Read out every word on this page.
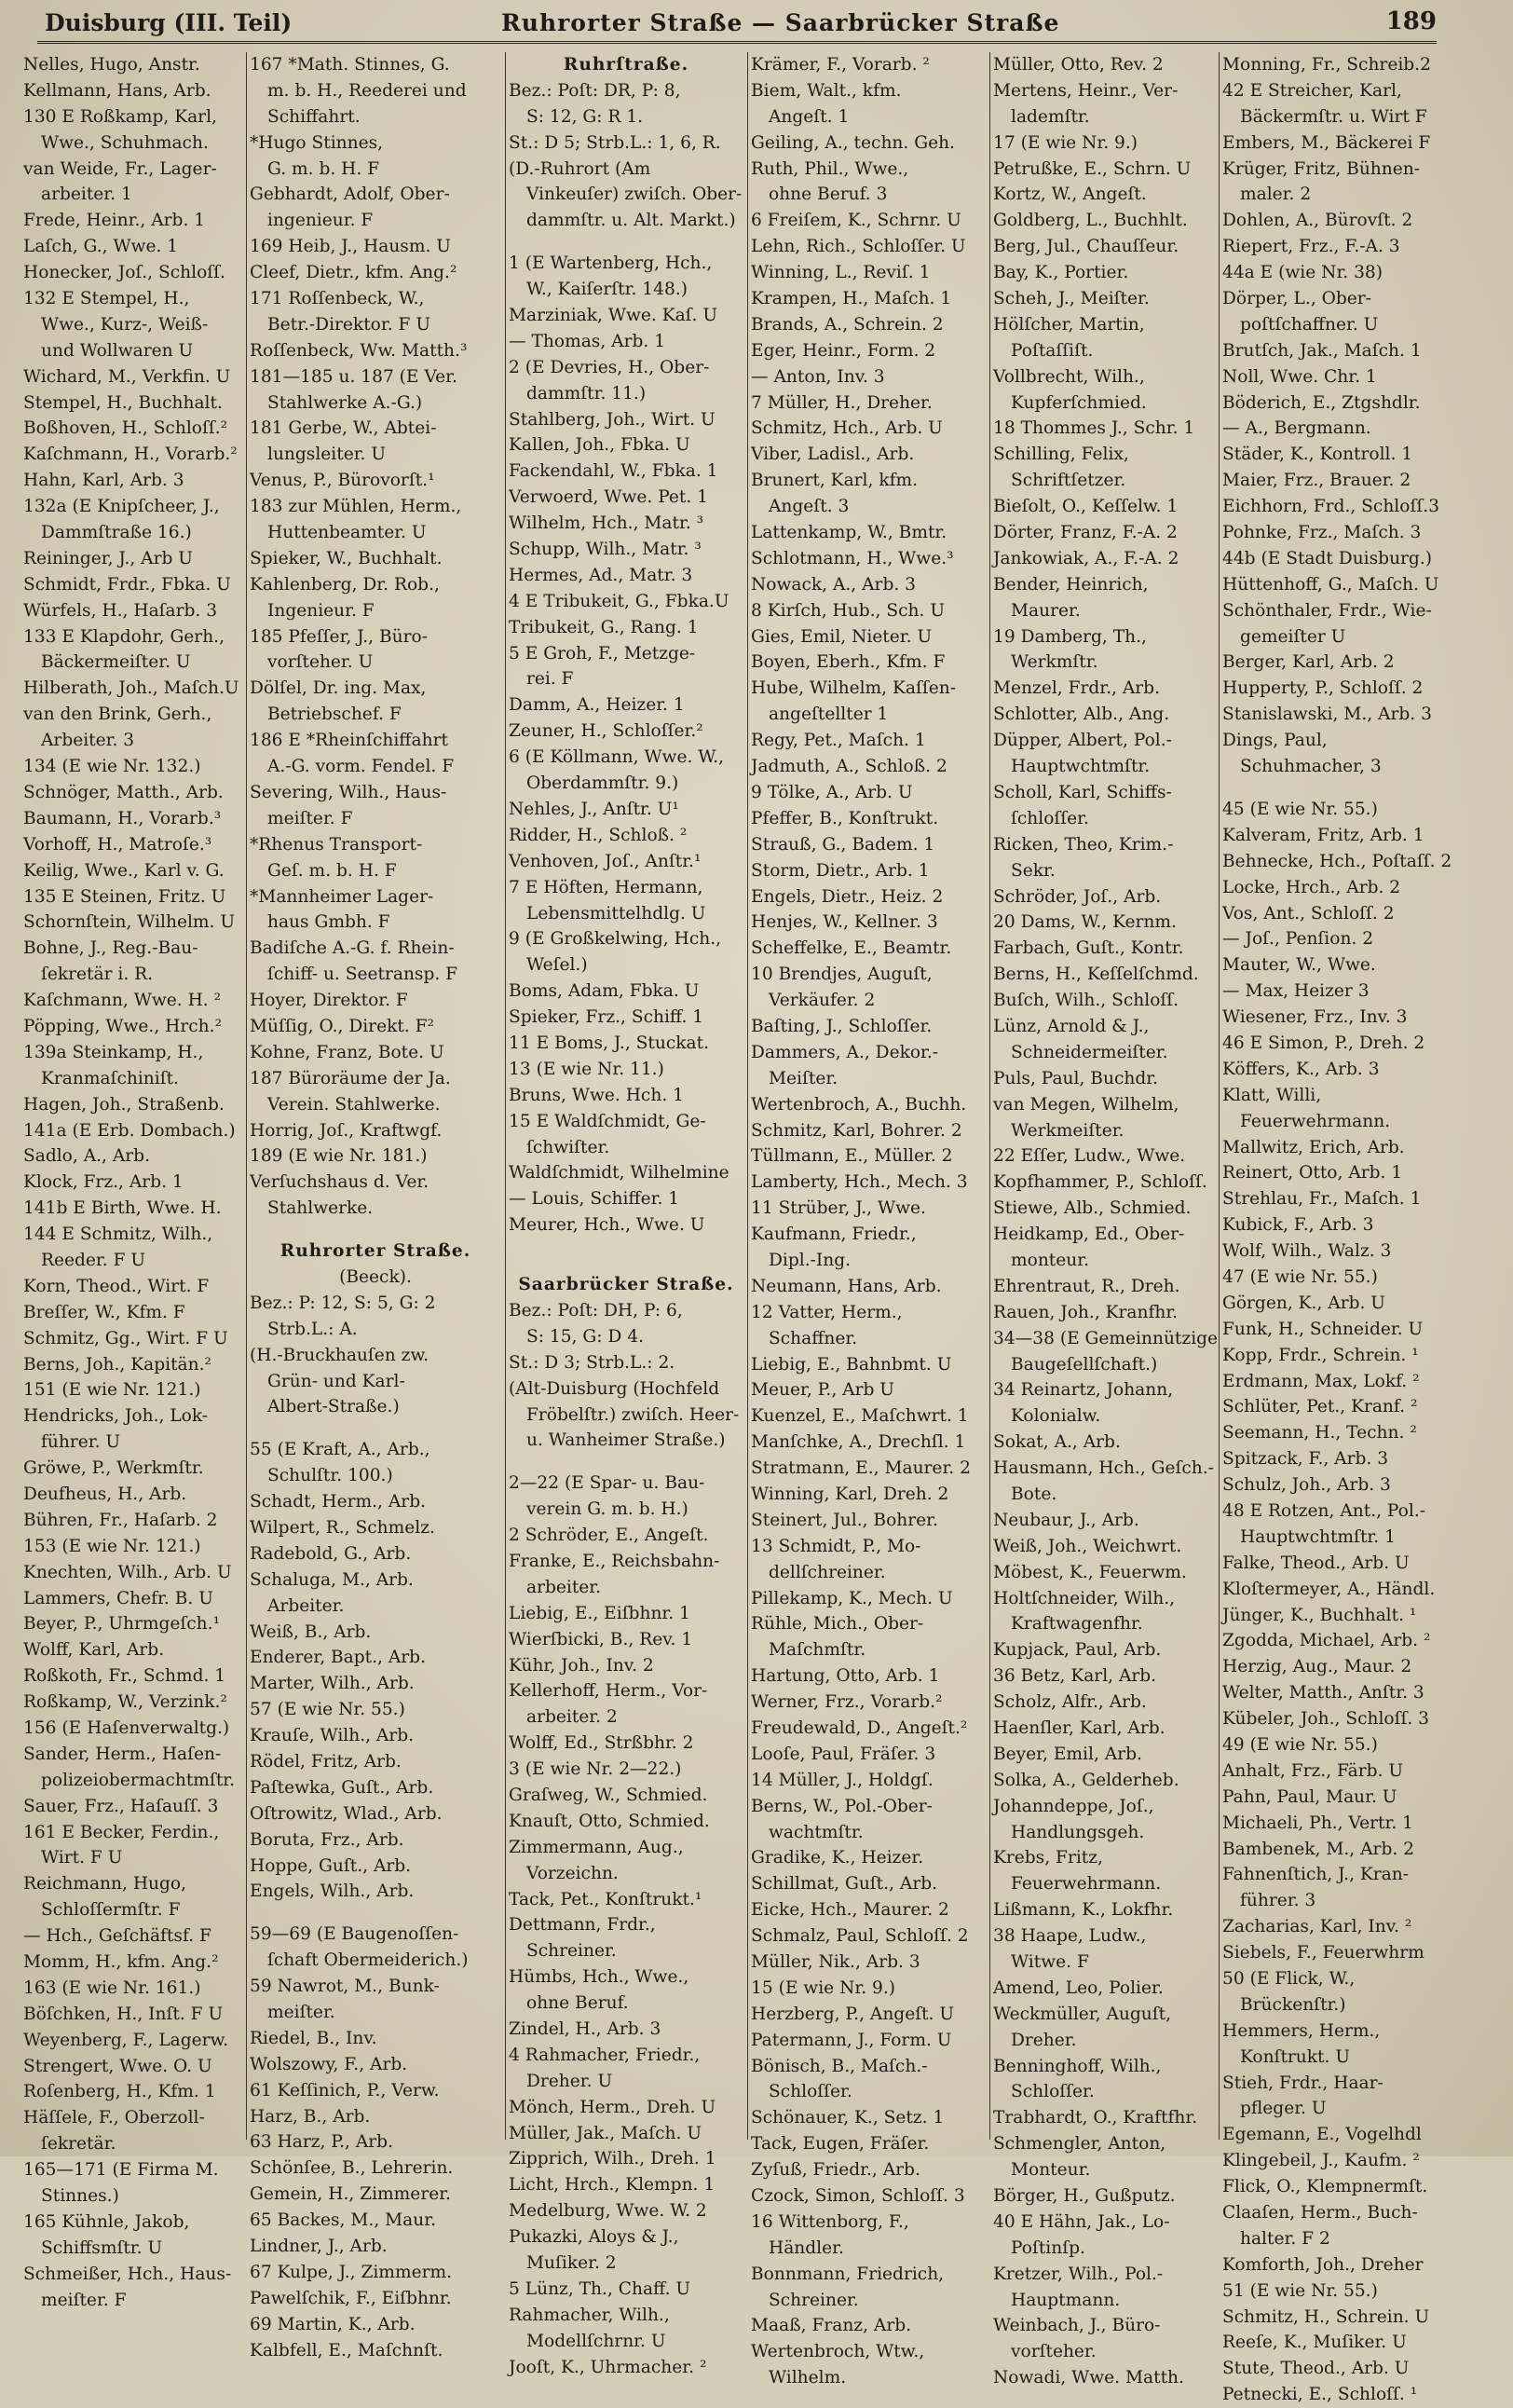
Duisburg (III. Teil)	Ruhrorter Straße — Saarbrücker Straße	189
Nelles, Hugo, Anstr.
Kellmann, Hans, Arb.
130 E Roßkamp, Karl,
Wwe., Schuhmach.
van Weide, Fr., Lager-
arbeiter. 1
Frede, Heinr., Arb. 1
Laſch, G., Wwe. 1
Honecker, Joſ., Schloſſ.
132 E Stempel, H.,
Wwe., Kurz-, Weiß-
und Wollwaren U
Wichard, M., Verkfin. U
Stempel, H., Buchhalt.
Boßhoven, H., Schloſſ.²
Kaſchmann, H., Vorarb.²
Hahn, Karl, Arb. 3
132a (E Knipſcheer, J.,
Dammſtraße 16.)
Reininger, J., Arb U
Schmidt, Frdr., Fbka. U
Würfels, H., Haſarb. 3
133 E Klapdohr, Gerh.,
Bäckermeiſter. U
Hilberath, Joh., Maſch.U
van den Brink, Gerh.,
Arbeiter. 3
134 (E wie Nr. 132.)
Schnöger, Matth., Arb.
Baumann, H., Vorarb.³
Vorhoff, H., Matroſe.³
Keilig, Wwe., Karl v. G.
135 E Steinen, Fritz. U
Schornſtein, Wilhelm. U
Bohne, J., Reg.-Bau-
ſekretär i. R.
Kaſchmann, Wwe. H. ²
Pöpping, Wwe., Hrch.²
139a Steinkamp, H.,
Kranmaſchiniſt.
Hagen, Joh., Straßenb.
141a (E Erb. Dombach.)
Sadlo, A., Arb.
Klock, Frz., Arb. 1
141b E Birth, Wwe. H.
144 E Schmitz, Wilh.,
Reeder. F U
Korn, Theod., Wirt. F
Breſſer, W., Kfm. F
Schmitz, Gg., Wirt. F U
Berns, Joh., Kapitän.²
151 (E wie Nr. 121.)
Hendricks, Joh., Lok-
führer. U
Gröwe, P., Werkmſtr.
Deufheus, H., Arb.
Bühren, Fr., Haſarb. 2
153 (E wie Nr. 121.)
Knechten, Wilh., Arb. U
Lammers, Chefr. B. U
Beyer, P., Uhrmgeſch.¹
Wolff, Karl, Arb.
Roßkoth, Fr., Schmd. 1
Roßkamp, W., Verzink.²
156 (E Haſenverwaltg.)
Sander, Herm., Haſen-
polizeiobermachtmſtr.
Sauer, Frz., Haſauſſ. 3
161 E Becker, Ferdin.,
Wirt. F U
Reichmann, Hugo,
Schloſſermſtr. F
— Hch., Geſchäftsf. F
Momm, H., kfm. Ang.²
163 (E wie Nr. 161.)
Böſchken, H., Inſt. F U
Weyenberg, F., Lagerw.
Strengert, Wwe. O. U
Roſenberg, H., Kfm. 1
Häſſele, F., Oberzoll-
ſekretär.
165—171 (E Firma M.
Stinnes.)
165 Kühnle, Jakob,
Schiffsmſtr. U
Schmeißer, Hch., Haus-
meiſter. F
167 *Math. Stinnes, G.
m. b. H., Reederei und
Schiffahrt.
*Hugo Stinnes,
G. m. b. H. F
Gebhardt, Adolf, Ober-
ingenieur. F
169 Heib, J., Hausm. U
Cleef, Dietr., kfm. Ang.²
171 Roſſenbeck, W.,
Betr.-Direktor. F U
Roſſenbeck, Ww. Matth.³
181—185 u. 187 (E Ver.
Stahlwerke A.-G.)
181 Gerbe, W., Abtei-
lungsleiter. U
Venus, P., Bürovorſt.¹
183 zur Mühlen, Herm.,
Huttenbeamter. U
Spieker, W., Buchhalt.
Kahlenberg, Dr. Rob.,
Ingenieur. F
185 Pfeſſer, J., Büro-
vorſteher. U
Dölſel, Dr. ing. Max,
Betriebschef. F
186 E *Rheinſchiffahrt
A.-G. vorm. Fendel. F
Severing, Wilh., Haus-
meiſter. F
*Rhenus Transport-
Geſ. m. b. H. F
*Mannheimer Lager-
haus Gmbh. F
Badiſche A.-G. f. Rhein-
ſchiff- u. Seetransp. F
Hoyer, Direktor. F
Müſſig, O., Direkt. F²
Kohne, Franz, Bote. U
187 Büroräume der Ja.
Verein. Stahlwerke.
Horrig, Joſ., Kraftwgf.
189 (E wie Nr. 181.)
Verſuchshaus d. Ver.
Stahlwerke.
Ruhrorter Straße.
(Beeck).
Bez.: P: 12, S: 5, G: 2
Strb.L.: A.
(H.-Bruckhauſen zw.
Grün- und Karl-
Albert-Straße.)
55 (E Kraft, A., Arb.,
Schulſtr. 100.)
Schadt, Herm., Arb.
Wilpert, R., Schmelz.
Radebold, G., Arb.
Schaluga, M., Arb.
Arbeiter.
Weiß, B., Arb.
Enderer, Bapt., Arb.
Marter, Wilh., Arb.
57 (E wie Nr. 55.)
Krauſe, Wilh., Arb.
Rödel, Fritz, Arb.
Paſtewka, Guſt., Arb.
Oſtrowitz, Wlad., Arb.
Boruta, Frz., Arb.
Hoppe, Guſt., Arb.
Engels, Wilh., Arb.
59—69 (E Baugenoſſen-
ſchaft Obermeiderich.)
59 Nawrot, M., Bunk-
meiſter.
Riedel, B., Inv.
Wolszowy, F., Arb.
61 Keſſinich, P., Verw.
Harz, B., Arb.
63 Harz, P., Arb.
Schönſee, B., Lehrerin.
Gemein, H., Zimmerer.
65 Backes, M., Maur.
Lindner, J., Arb.
67 Kulpe, J., Zimmerm.
Pawelſchik, F., Eiſbhnr.
69 Martin, K., Arb.
Kalbfell, E., Maſchnſt.
Ruhrſtraße.
Bez.: Poſt: DR, P: 8,
S: 12, G: R 1.
St.: D 5; Strb.L.: 1, 6, R.
(D.-Ruhrort (Am
Vinkeuſer) zwiſch. Ober-
dammſtr. u. Alt. Markt.)
1 (E Wartenberg, Hch.,
W., Kaiſerſtr. 148.)
Marziniak, Wwe. Kaſ. U
— Thomas, Arb. 1
2 (E Devries, H., Ober-
dammſtr. 11.)
Stahlberg, Joh., Wirt. U
Kallen, Joh., Fbka. U
Fackendahl, W., Fbka. 1
Verwoerd, Wwe. Pet. 1
Wilhelm, Hch., Matr. ³
Schupp, Wilh., Matr. ³
Hermes, Ad., Matr. 3
4 E Tribukeit, G., Fbka.U
Tribukeit, G., Rang. 1
5 E Groh, F., Metzge-
rei. F
Damm, A., Heizer. 1
Zeuner, H., Schloſſer.²
6 (E Köllmann, Wwe. W.,
Oberdammſtr. 9.)
Nehles, J., Anſtr. U¹
Ridder, H., Schloß. ²
Venhoven, Joſ., Anſtr.¹
7 E Höften, Hermann,
Lebensmittelhdlg. U
9 (E Großkelwing, Hch.,
Weſel.)
Boms, Adam, Fbka. U
Spieker, Frz., Schiff. 1
11 E Boms, J., Stuckat.
13 (E wie Nr. 11.)
Bruns, Wwe. Hch. 1
15 E Waldſchmidt, Ge-
ſchwiſter.
Waldſchmidt, Wilhelmine
— Louis, Schiffer. 1
Meurer, Hch., Wwe. U
Saarbrücker Straße.
Bez.: Poſt: DH, P: 6,
S: 15, G: D 4.
St.: D 3; Strb.L.: 2.
(Alt-Duisburg (Hochfeld
Fröbelſtr.) zwiſch. Heer-
u. Wanheimer Straße.)
2—22 (E Spar- u. Bau-
verein G. m. b. H.)
2 Schröder, E., Angeſt.
Franke, E., Reichsbahn-
arbeiter.
Liebig, E., Eiſbhnr. 1
Wierſbicki, B., Rev. 1
Kühr, Joh., Inv. 2
Kellerhoff, Herm., Vor-
arbeiter. 2
Wolff, Ed., Strßbhr. 2
3 (E wie Nr. 2—22.)
Graſweg, W., Schmied.
Knauſt, Otto, Schmied.
Zimmermann, Aug.,
Vorzeichn.
Tack, Pet., Konſtrukt.¹
Dettmann, Frdr.,
Schreiner.
Hümbs, Hch., Wwe.,
ohne Beruf.
Zindel, H., Arb. 3
4 Rahmacher, Friedr.,
Dreher. U
Mönch, Herm., Dreh. U
Müller, Jak., Maſch. U
Zipprich, Wilh., Dreh. 1
Licht, Hrch., Klempn. 1
Medelburg, Wwe. W. 2
Pukazki, Aloys & J.,
Muſiker. 2
5 Lünz, Th., Chaff. U
Rahmacher, Wilh.,
Modellſchrnr. U
Jooſt, K., Uhrmacher. ²
Krämer, F., Vorarb. ²
Biem, Walt., kfm.
Angeſt. 1
Geiling, A., techn. Geh.
Ruth, Phil., Wwe.,
ohne Beruf. 3
6 Freiſem, K., Schrnr. U
Lehn, Rich., Schloſſer. U
Winning, L., Reviſ. 1
Krampen, H., Maſch. 1
Brands, A., Schrein. 2
Eger, Heinr., Form. 2
— Anton, Inv. 3
7 Müller, H., Dreher.
Schmitz, Hch., Arb. U
Viber, Ladisl., Arb.
Brunert, Karl, kfm.
Angeſt. 3
Lattenkamp, W., Bmtr.
Schlotmann, H., Wwe.³
Nowack, A., Arb. 3
8 Kirſch, Hub., Sch. U
Gies, Emil, Nieter. U
Boyen, Eberh., Kfm. F
Hube, Wilhelm, Kaſſen-
angeſtellter 1
Regy, Pet., Maſch. 1
Jadmuth, A., Schloß. 2
9 Tölke, A., Arb. U
Pfeffer, B., Konſtrukt.
Strauß, G., Badem. 1
Storm, Dietr., Arb. 1
Engels, Dietr., Heiz. 2
Henjes, W., Kellner. 3
Scheffelke, E., Beamtr.
10 Brendjes, Auguſt,
Verkäufer. 2
Baſting, J., Schloſſer.
Dammers, A., Dekor.-
Meiſter.
Wertenbroch, A., Buchh.
Schmitz, Karl, Bohrer. 2
Tüllmann, E., Müller. 2
Lamberty, Hch., Mech. 3
11 Strüber, J., Wwe.
Kaufmann, Friedr.,
Dipl.-Ing.
Neumann, Hans, Arb.
12 Vatter, Herm.,
Schaffner.
Liebig, E., Bahnbmt. U
Meuer, P., Arb U
Kuenzel, E., Maſchwrt. 1
Manſchke, A., Drechſl. 1
Stratmann, E., Maurer. 2
Winning, Karl, Dreh. 2
Steinert, Jul., Bohrer.
13 Schmidt, P., Mo-
dellſchreiner.
Pillekamp, K., Mech. U
Rühle, Mich., Ober-
Maſchmſtr.
Hartung, Otto, Arb. 1
Werner, Frz., Vorarb.²
Freudewald, D., Angeſt.²
Looſe, Paul, Fräſer. 3
14 Müller, J., Holdgſ.
Berns, W., Pol.-Ober-
wachtmſtr.
Gradike, K., Heizer.
Schillmat, Guſt., Arb.
Eicke, Hch., Maurer. 2
Schmalz, Paul, Schloſſ. 2
Müller, Nik., Arb. 3
15 (E wie Nr. 9.)
Herzberg, P., Angeſt. U
Patermann, J., Form. U
Bönisch, B., Maſch.-
Schloſſer.
Schönauer, K., Setz. 1
Tack, Eugen, Fräſer.
Zyſuß, Friedr., Arb.
Czock, Simon, Schloſſ. 3
16 Wittenborg, F.,
Händler.
Bonnmann, Friedrich,
Schreiner.
Maaß, Franz, Arb.
Wertenbroch, Wtw.,
Wilhelm.
Müller, Otto, Rev. 2
Mertens, Heinr., Ver-
lademſtr.
17 (E wie Nr. 9.)
Petrußke, E., Schrn. U
Kortz, W., Angeſt.
Goldberg, L., Buchhlt.
Berg, Jul., Chauſſeur.
Bay, K., Portier.
Scheh, J., Meiſter.
Hölſcher, Martin,
Poſtaſſiſt.
Vollbrecht, Wilh.,
Kupferſchmied.
18 Thommes J., Schr. 1
Schilling, Felix,
Schriftſetzer.
Bieſolt, O., Keſſelw. 1
Dörter, Franz, F.-A. 2
Jankowiak, A., F.-A. 2
Bender, Heinrich,
Maurer.
19 Damberg, Th.,
Werkmſtr.
Menzel, Frdr., Arb.
Schlotter, Alb., Ang.
Düpper, Albert, Pol.-
Hauptwchtmſtr.
Scholl, Karl, Schiffs-
ſchloſſer.
Ricken, Theo, Krim.-
Sekr.
Schröder, Joſ., Arb.
20 Dams, W., Kernm.
Farbach, Guſt., Kontr.
Berns, H., Keſſelſchmd.
Buſch, Wilh., Schloſſ.
Lünz, Arnold & J.,
Schneidermeiſter.
Puls, Paul, Buchdr.
van Megen, Wilhelm,
Werkmeiſter.
22 Eſſer, Ludw., Wwe.
Kopfhammer, P., Schloſſ.
Stiewe, Alb., Schmied.
Heidkamp, Ed., Ober-
monteur.
Ehrentraut, R., Dreh.
Rauen, Joh., Kranfhr.
34—38 (E Gemeinnützige
Baugeſellſchaft.)
34 Reinartz, Johann,
Kolonialw.
Sokat, A., Arb.
Hausmann, Hch., Geſch.-
Bote.
Neubaur, J., Arb.
Weiß, Joh., Weichwrt.
Möbest, K., Feuerwm.
Holtſchneider, Wilh.,
Kraftwagenfhr.
Kupjack, Paul, Arb.
36 Betz, Karl, Arb.
Scholz, Alfr., Arb.
Haenſler, Karl, Arb.
Beyer, Emil, Arb.
Solka, A., Gelderheb.
Johanndeppe, Joſ.,
Handlungsgeh.
Krebs, Fritz,
Feuerwehrmann.
Lißmann, K., Lokfhr.
38 Haape, Ludw.,
Witwe. F
Amend, Leo, Polier.
Weckmüller, Auguſt,
Dreher.
Benninghoff, Wilh.,
Schloſſer.
Trabhardt, O., Kraftfhr.
Schmengler, Anton,
Monteur.
Börger, H., Gußputz.
40 E Hähn, Jak., Lo-
Poſtinſp.
Kretzer, Wilh., Pol.-
Hauptmann.
Weinbach, J., Büro-
vorſteher.
Nowadi, Wwe. Matth.
Monning, Fr., Schreib.2
42 E Streicher, Karl,
Bäckermſtr. u. Wirt F
Embers, M., Bäckerei F
Krüger, Fritz, Bühnen-
maler. 2
Dohlen, A., Bürovſt. 2
Riepert, Frz., F.-A. 3
44a E (wie Nr. 38)
Dörper, L., Ober-
poſtſchaffner. U
Brutſch, Jak., Maſch. 1
Noll, Wwe. Chr. 1
Böderich, E., Ztgshdlr.
— A., Bergmann.
Städer, K., Kontroll. 1
Maier, Frz., Brauer. 2
Eichhorn, Frd., Schloſſ.3
Pohnke, Frz., Maſch. 3
44b (E Stadt Duisburg.)
Hüttenhoff, G., Maſch. U
Schönthaler, Frdr., Wie-
gemeiſter U
Berger, Karl, Arb. 2
Hupperty, P., Schloſſ. 2
Stanislawski, M., Arb. 3
Dings, Paul,
Schuhmacher, 3
45 (E wie Nr. 55.)
Kalveram, Fritz, Arb. 1
Behnecke, Hch., Poſtaſſ. 2
Locke, Hrch., Arb. 2
Vos, Ant., Schloſſ. 2
— Joſ., Penſion. 2
Mauter, W., Wwe.
— Max, Heizer 3
Wiesener, Frz., Inv. 3
46 E Simon, P., Dreh. 2
Köffers, K., Arb. 3
Klatt, Willi,
Feuerwehrmann.
Mallwitz, Erich, Arb.
Reinert, Otto, Arb. 1
Strehlau, Fr., Maſch. 1
Kubick, F., Arb. 3
Wolf, Wilh., Walz. 3
47 (E wie Nr. 55.)
Görgen, K., Arb. U
Funk, H., Schneider. U
Kopp, Frdr., Schrein. ¹
Erdmann, Max, Lokf. ²
Schlüter, Pet., Kranf. ²
Seemann, H., Techn. ²
Spitzack, F., Arb. 3
Schulz, Joh., Arb. 3
48 E Rotzen, Ant., Pol.-
Hauptwchtmſtr. 1
Falke, Theod., Arb. U
Kloſtermeyer, A., Händl.
Jünger, K., Buchhalt. ¹
Zgodda, Michael, Arb. ²
Herzig, Aug., Maur. 2
Welter, Matth., Anſtr. 3
Kübeler, Joh., Schloſſ. 3
49 (E wie Nr. 55.)
Anhalt, Frz., Färb. U
Pahn, Paul, Maur. U
Michaeli, Ph., Vertr. 1
Bambenek, M., Arb. 2
Fahnenſtich, J., Kran-
führer. 3
Zacharias, Karl, Inv. ²
Siebels, F., Feuerwhrm
50 (E Flick, W.,
Brückenſtr.)
Hemmers, Herm.,
Konſtrukt. U
Stieh, Frdr., Haar-
pfleger. U
Egemann, E., Vogelhdl
Klingebeil, J., Kaufm. ²
Flick, O., Klempnermſt.
Claaſen, Herm., Buch-
halter. F 2
Komforth, Joh., Dreher
51 (E wie Nr. 55.)
Schmitz, H., Schrein. U
Reeſe, K., Muſiker. U
Stute, Theod., Arb. U
Petnecki, E., Schloſſ. ¹
